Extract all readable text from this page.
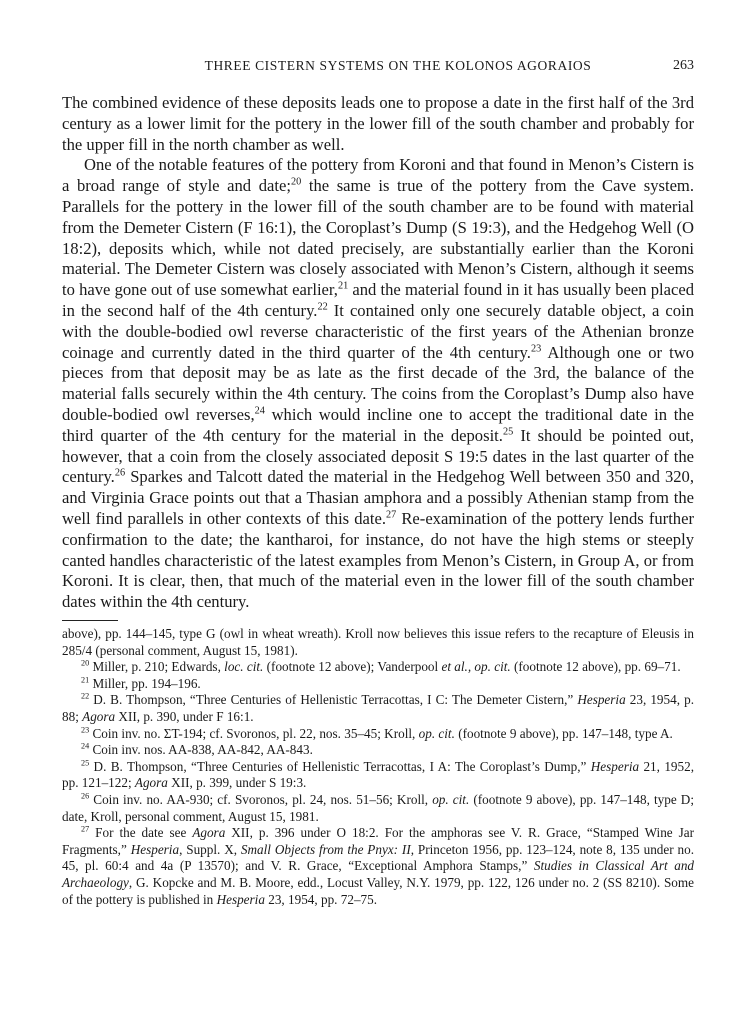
THREE CISTERN SYSTEMS ON THE KOLONOS AGORAIOS	263

The combined evidence of these deposits leads one to propose a date in the first half of the 3rd century as a lower limit for the pottery in the lower fill of the south chamber and probably for the upper fill in the north chamber as well.

One of the notable features of the pottery from Koroni and that found in Menon’s Cistern is a broad range of style and date;$^{20}$ the same is true of the pottery from the Cave system. Parallels for the pottery in the lower fill of the south chamber are to be found with material from the Demeter Cistern (F 16:1), the Coroplast’s Dump (S 19:3), and the Hedgehog Well (O 18:2), deposits which, while not dated precisely, are substantially earlier than the Koroni material. The Demeter Cistern was closely associated with Menon’s Cistern, although it seems to have gone out of use somewhat earlier,$^{21}$ and the material found in it has usually been placed in the second half of the 4th century.$^{22}$ It contained only one securely datable object, a coin with the double-bodied owl reverse characteristic of the first years of the Athenian bronze coinage and currently dated in the third quarter of the 4th century.$^{23}$ Although one or two pieces from that deposit may be as late as the first decade of the 3rd, the balance of the material falls securely within the 4th century. The coins from the Coroplast’s Dump also have double-bodied owl reverses,$^{24}$ which would incline one to accept the traditional date in the third quarter of the 4th century for the material in the deposit.$^{25}$ It should be pointed out, however, that a coin from the closely associated deposit S 19:5 dates in the last quarter of the century.$^{26}$ Sparkes and Talcott dated the material in the Hedgehog Well between 350 and 320, and Virginia Grace points out that a Thasian amphora and a possibly Athenian stamp from the well find parallels in other contexts of this date.$^{27}$ Re-examination of the pottery lends further confirmation to the date; the kantharoi, for instance, do not have the high stems or steeply canted handles characteristic of the latest examples from Menon’s Cistern, in Group A, or from Koroni. It is clear, then, that much of the material even in the lower fill of the south chamber dates within the 4th century.

above), pp. 144–145, type G (owl in wheat wreath). Kroll now believes this issue refers to the recapture of Eleusis in 285/4 (personal comment, August 15, 1981).

$^{20}$ Miller, p. 210; Edwards, loc. cit. (footnote 12 above); Vanderpool et al., op. cit. (footnote 12 above), pp. 69–71.

$^{21}$ Miller, pp. 194–196.

$^{22}$ D. B. Thompson, “Three Centuries of Hellenistic Terracottas, I C: The Demeter Cistern,” Hesperia 23, 1954, p. 88; Agora XII, p. 390, under F 16:1.

$^{23}$ Coin inv. no. ΣΤ-194; cf. Svoronos, pl. 22, nos. 35–45; Kroll, op. cit. (footnote 9 above), pp. 147–148, type A.

$^{24}$ Coin inv. nos. AA-838, AA-842, AA-843.

$^{25}$ D. B. Thompson, “Three Centuries of Hellenistic Terracottas, I A: The Coroplast’s Dump,” Hesperia 21, 1952, pp. 121–122; Agora XII, p. 399, under S 19:3.

$^{26}$ Coin inv. no. AA-930; cf. Svoronos, pl. 24, nos. 51–56; Kroll, op. cit. (footnote 9 above), pp. 147–148, type D; date, Kroll, personal comment, August 15, 1981.

$^{27}$ For the date see Agora XII, p. 396 under O 18:2. For the amphoras see V. R. Grace, “Stamped Wine Jar Fragments,” Hesperia, Suppl. X, Small Objects from the Pnyx: II, Princeton 1956, pp. 123–124, note 8, 135 under no. 45, pl. 60:4 and 4a (P 13570); and V. R. Grace, “Exceptional Amphora Stamps,” Studies in Classical Art and Archaeology, G. Kopcke and M. B. Moore, edd., Locust Valley, N.Y. 1979, pp. 122, 126 under no. 2 (SS 8210). Some of the pottery is published in Hesperia 23, 1954, pp. 72–75.
